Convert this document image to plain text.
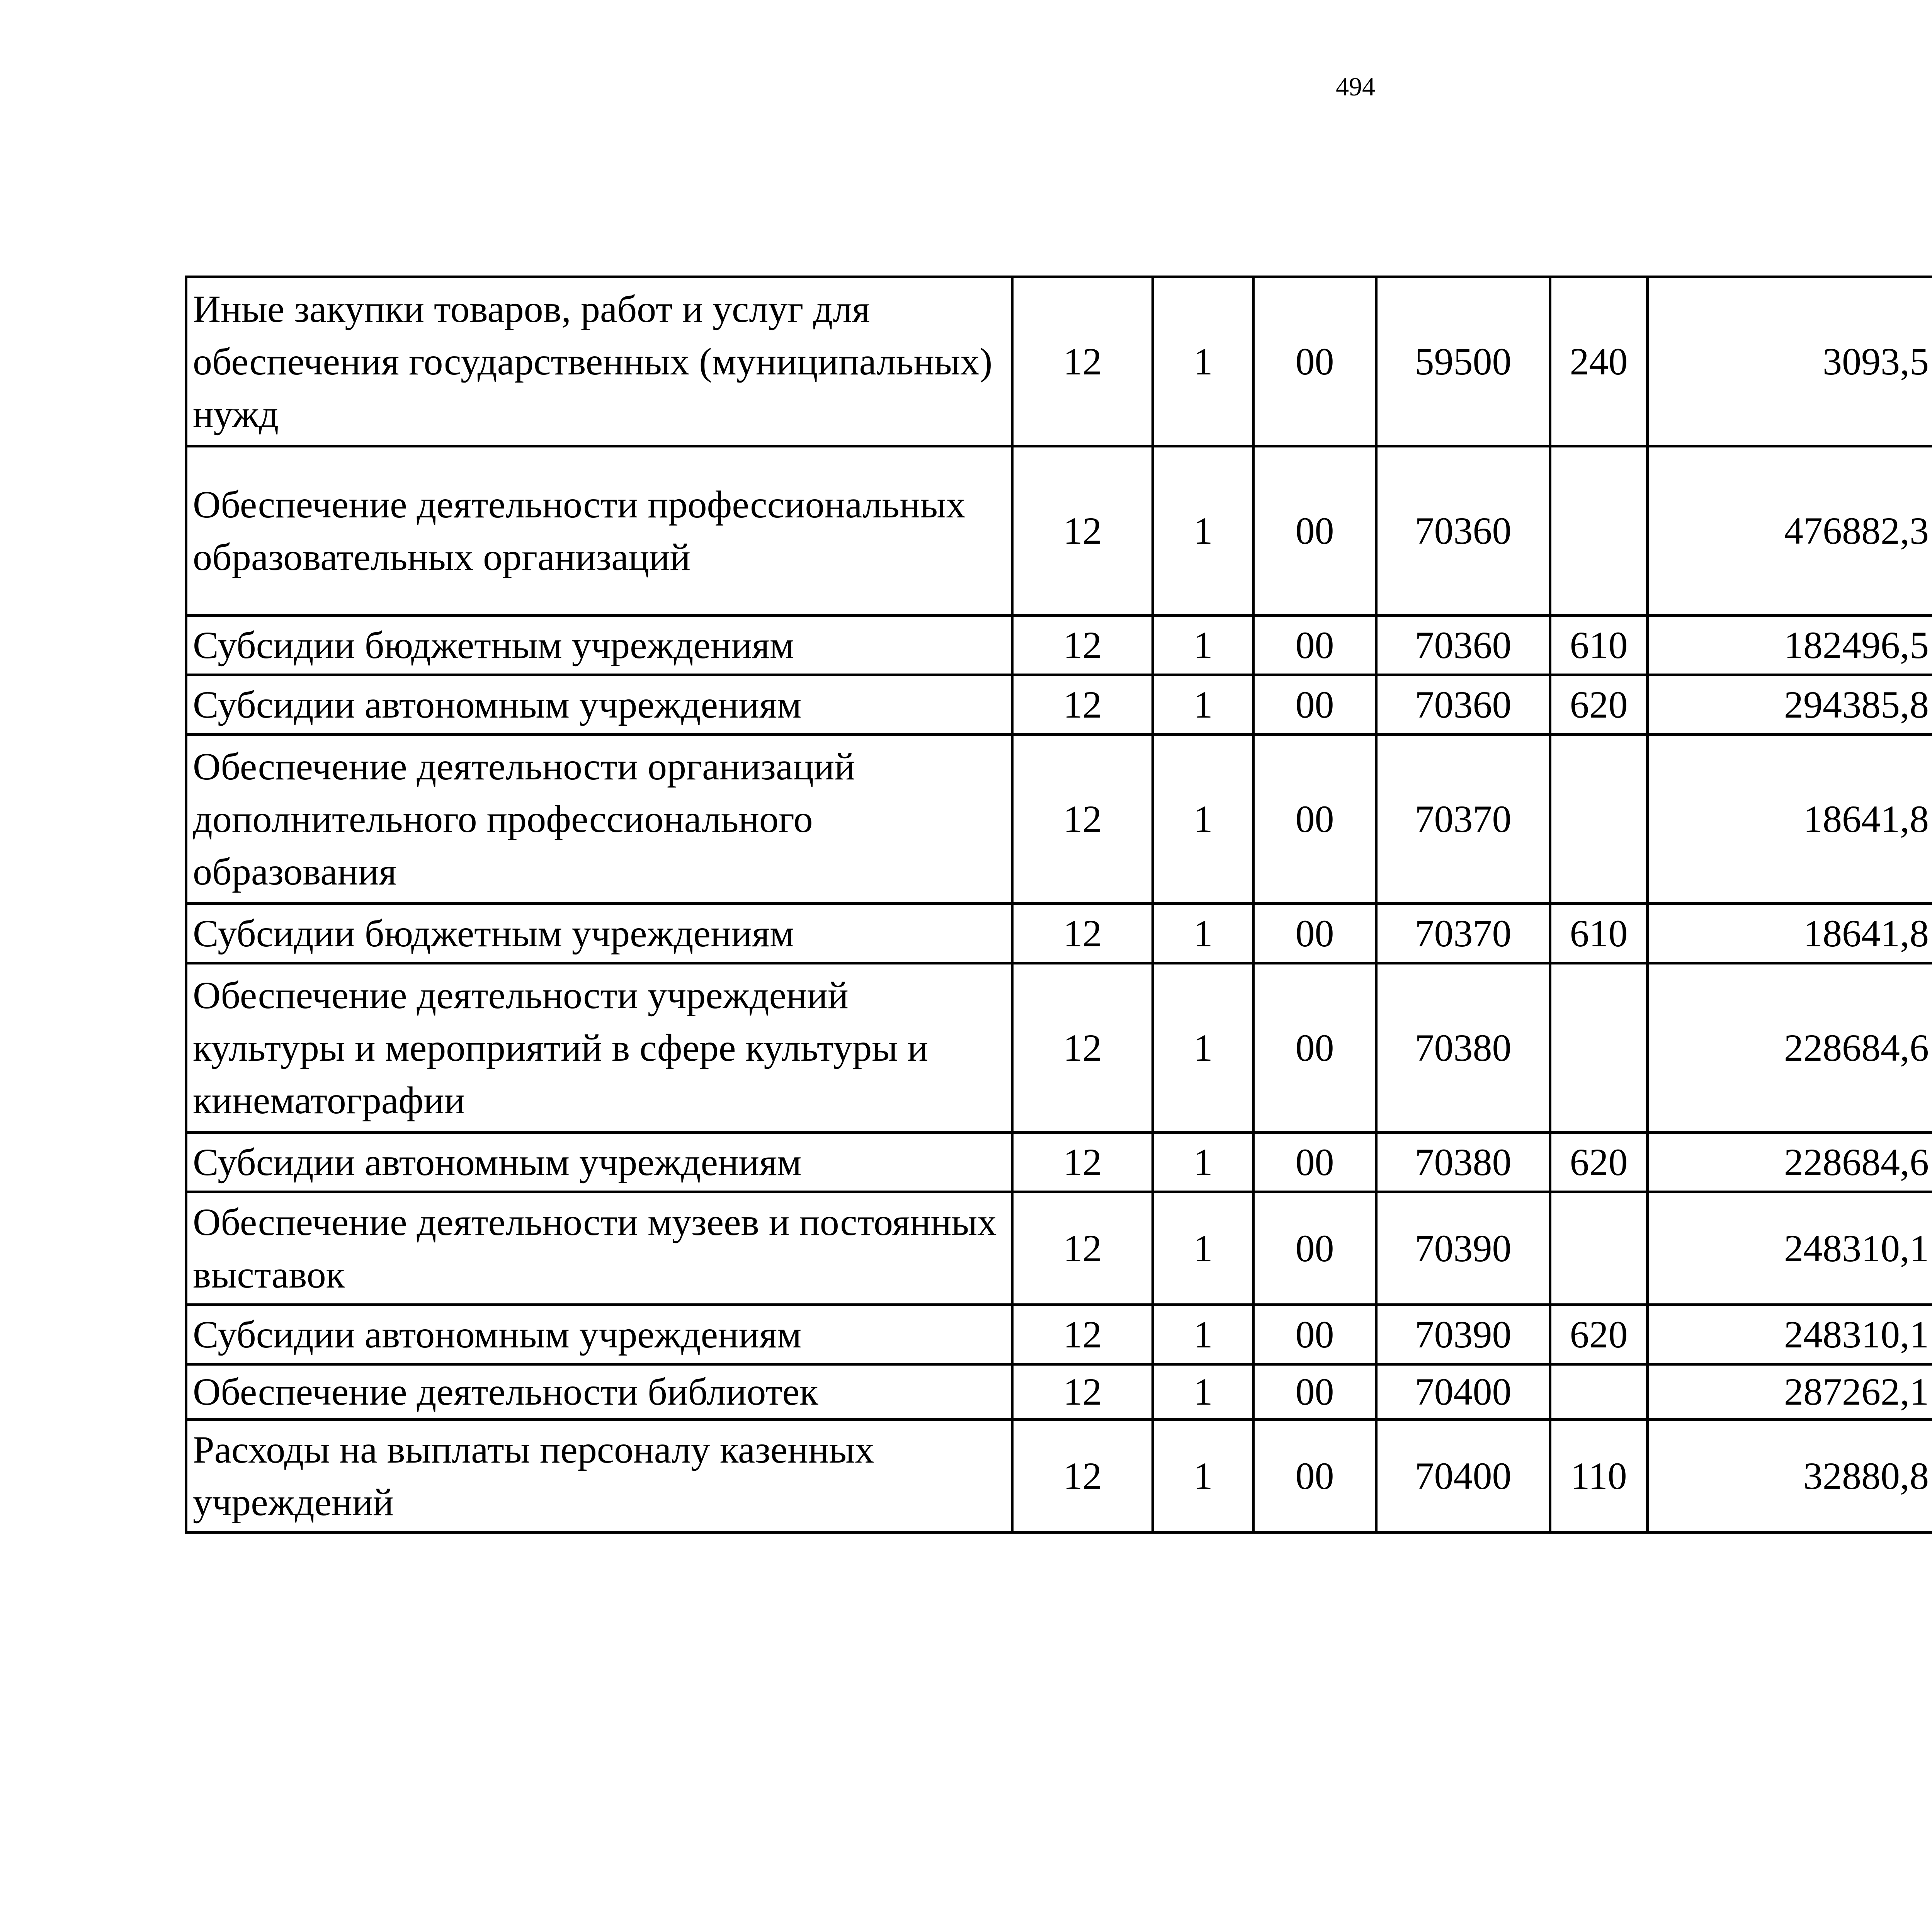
494
Иные закупки товаров, работ и услуг для обеспечения государственных (муниципальных) нужд	12	1	00	59500	240	3093,5		
Обеспечение деятельности профессиональных образовательных организаций	12	1	00	70360		476882,3		
Субсидии бюджетным учреждениям	12	1	00	70360	610	182496,5		
Субсидии автономным учреждениям	12	1	00	70360	620	294385,8		
Обеспечение деятельности организаций дополнительного профессионального образования	12	1	00	70370		18641,8		
Субсидии бюджетным учреждениям	12	1	00	70370	610	18641,8		
Обеспечение деятельности учреждений культуры и мероприятий в сфере культуры и кинематографии	12	1	00	70380		228684,6		
Субсидии автономным учреждениям	12	1	00	70380	620	228684,6		
Обеспечение деятельности музеев и постоянных выставок	12	1	00	70390		248310,1		
Субсидии автономным учреждениям	12	1	00	70390	620	248310,1		
Обеспечение деятельности библиотек	12	1	00	70400		287262,1		
Расходы на выплаты персоналу казенных учреждений	12	1	00	70400	110	32880,8		
